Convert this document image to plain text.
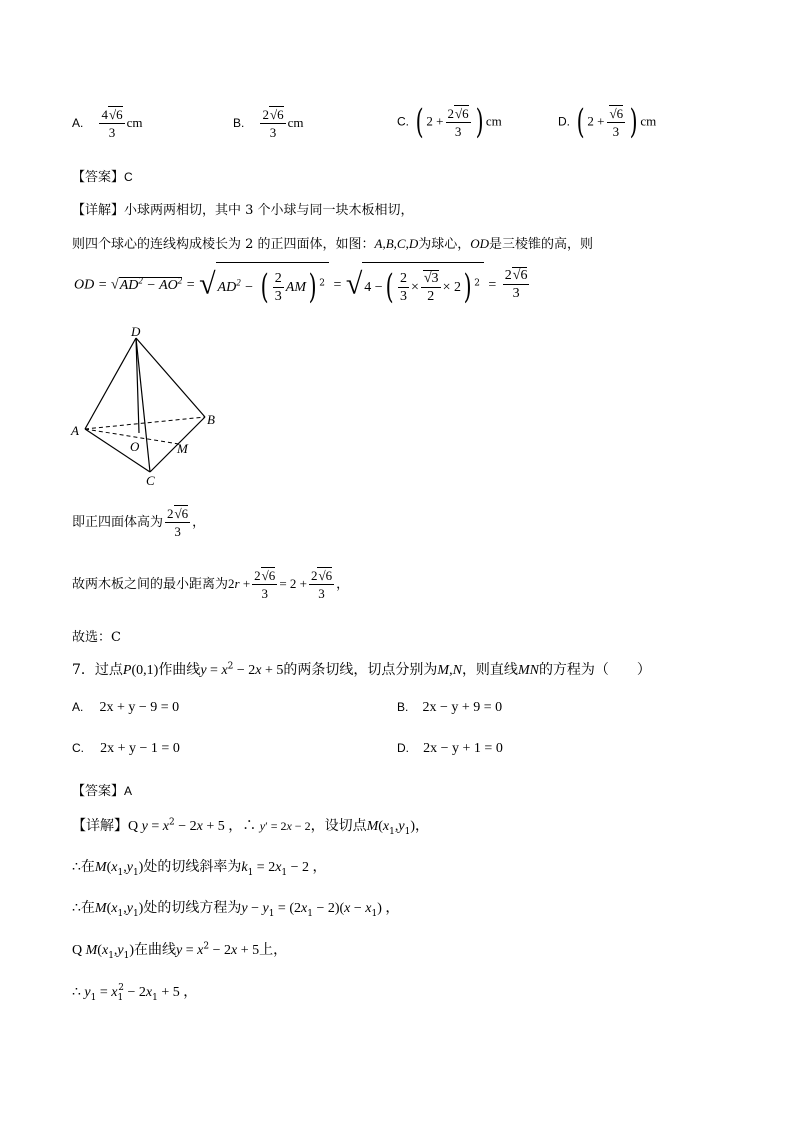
A. $\frac{4√6}{3}$ cm	B. $\frac{2√6}{3}$ cm	C. ( $2 + \frac{2√6}{3}$ ) cm	D. ( $2 + \frac{√6}{3}$ ) cm
【答案】C
【详解】小球两两相切，其中 3 个小球与同一块木板相切，
则四个球心的连线构成棱长为 2 的正四面体，如图：A,B,C,D为球心，OD是三棱锥的高，则
OD = $√AD^2 - AO^2$ = √ $AD^2$ − ( $\frac{2}{3} AM$) $^2$ = √ 4 −( $\frac{2}{3} \times \frac{√3}{2} \times 2$) $^2 = \frac{2√6}{3}$
D
A
B
C
O	M
即正四面体高为 $\frac{2√6}{3}$ ，
故两木板之间的最小距离为$2r + \frac{2√6}{3} = 2 + \frac{2√6}{3}$ ，
故选：C
7．过点P(0,1)作曲线$y = x^2 - 2x + 5$的两条切线，切点分别为M,N，则直线MN的方程为（　　）
A. 2x + y − 9 = 0	B. 2x − y + 9 = 0
C. 2x + y − 1 = 0	D. 2x − y + 1 = 0
【答案】A
【详解】Q $y = x^2 - 2x + 5$ ，∴ y′ = 2x − 2，设切点$M(x_1,y_1)$，
∴在$M(x_1,y_1)$处的切线斜率为$k_1 = 2x_1 - 2$ ，
∴在$M(x_1,y_1)$处的切线方程为$y - y_1 = (2x_1 - 2)(x - x_1)$ ，
Q $M(x_1,y_1)$在曲线$y = x^2 - 2x + 5$上，
∴ $y_1 = x_1^2 - 2x_1 + 5$ ，
